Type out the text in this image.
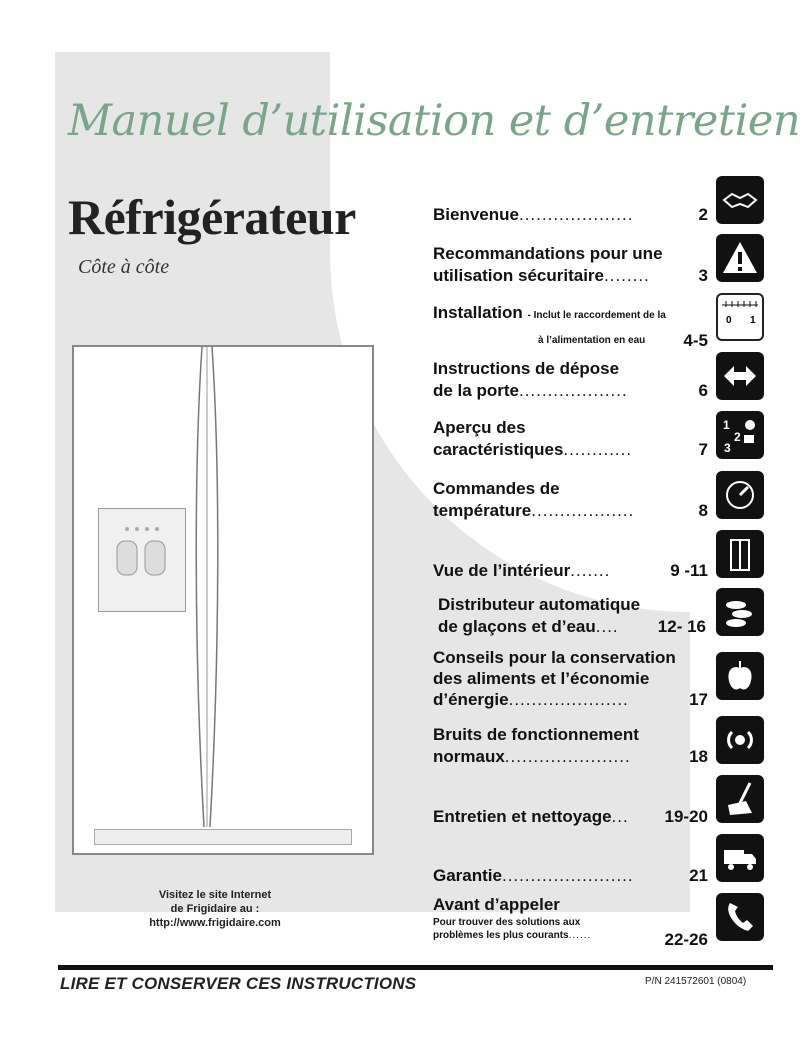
Manuel d’utilisation et d’entretien
Réfrigérateur
Côte à côte
Visitez le site Internet
de Frigidaire au :
http://www.frigidaire.com
Bienvenue....................	2
Recommandations pour une
utilisation sécuritaire........	3
Installation - Inclut le raccordement de la
à l’alimentation en eau 4-5
Instructions de dépose
de la porte...................	6
Aperçu des
caractéristiques............	7
Commandes de
température..................	8
Vue de l’intérieur.......	9 -11
Distributeur automatique
de glaçons et d’eau.... 12- 16
Conseils pour la conservation
des aliments et l’économie
d’énergie.....................	17
Bruits de fonctionnement
normaux......................	18
Entretien et nettoyage... 19-20
Garantie.......................	21
Avant d’appeler
Pour trouver des solutions aux
problèmes les plus courants......	22-26
0 1
1
2
3
LIRE ET CONSERVER CES INSTRUCTIONS	P/N 241572601 (0804)
